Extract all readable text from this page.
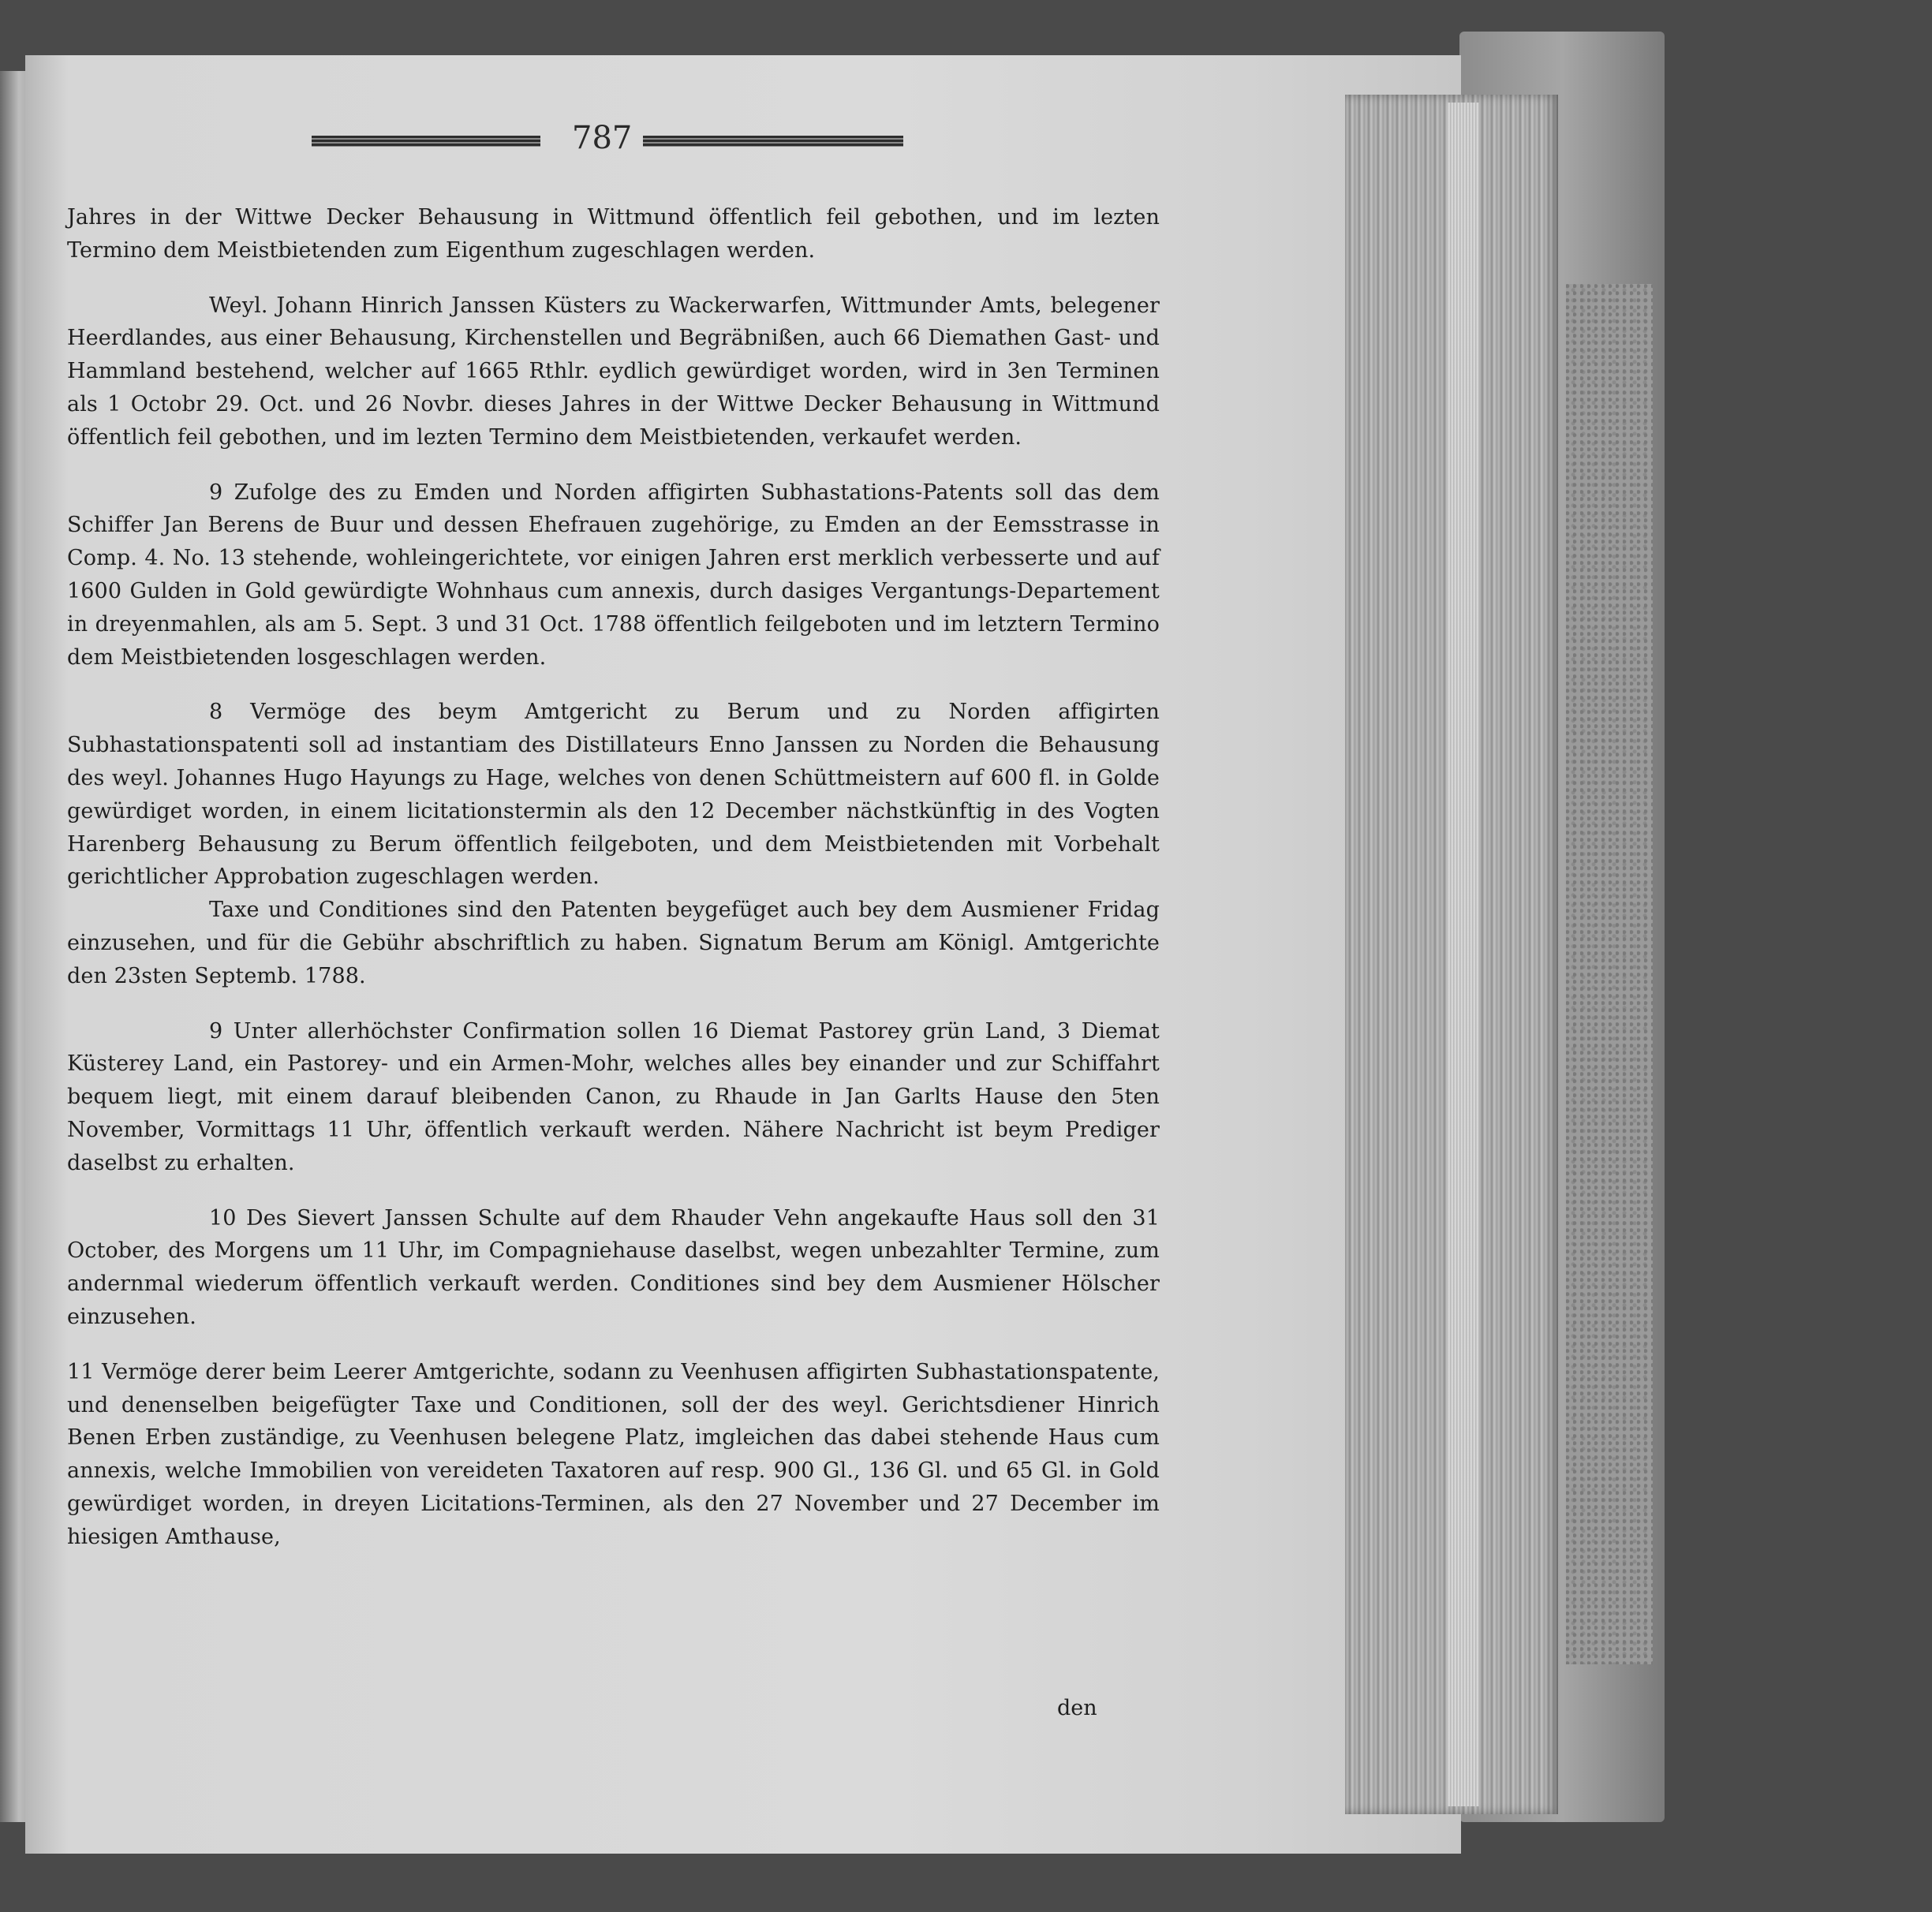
787

Jahres in der Wittwe Decker Behausung in Wittmund öffentlich feil gebothen, und im lezten Termino dem Meistbietenden zum Eigenthum zugeschlagen werden.

Weyl. Johann Hinrich Janssen Küsters zu Wackerwarfen, Wittmunder Amts, belegener Heerdlandes, aus einer Behausung, Kirchenstellen und Begräbnißen, auch 66 Diemathen Gast- und Hammland bestehend, welcher auf 1665 Rthlr. eydlich gewürdiget worden, wird in 3en Terminen als 1 Octobr 29. Oct. und 26 Novbr. dieses Jahres in der Wittwe Decker Behausung in Wittmund öffentlich feil gebothen, und im lezten Termino dem Meistbietenden, verkaufet werden.

9 Zufolge des zu Emden und Norden affigirten Subhastations-Patents soll das dem Schiffer Jan Berens de Buur und dessen Ehefrauen zugehörige, zu Emden an der Eemsstrasse in Comp. 4. No. 13 stehende, wohleingerichtete, vor einigen Jahren erst merklich verbesserte und auf 1600 Gulden in Gold gewürdigte Wohnhaus cum annexis, durch dasiges Vergantungs-Departement in dreyenmahlen, als am 5. Sept. 3 und 31 Oct. 1788 öffentlich feilgeboten und im letztern Termino dem Meistbietenden losgeschlagen werden.

8 Vermöge des beym Amtgericht zu Berum und zu Norden affigirten Subhastationspatenti soll ad instantiam des Distillateurs Enno Janssen zu Norden die Behausung des weyl. Johannes Hugo Hayungs zu Hage, welches von denen Schüttmeistern auf 600 fl. in Golde gewürdiget worden, in einem licitationstermin als den 12 December nächstkünftig in des Vogten Harenberg Behausung zu Berum öffentlich feilgeboten, und dem Meistbietenden mit Vorbehalt gerichtlicher Approbation zugeschlagen werden.

Taxe und Conditiones sind den Patenten beygefüget auch bey dem Ausmiener Fridag einzusehen, und für die Gebühr abschriftlich zu haben. Signatum Berum am Königl. Amtgerichte den 23sten Septemb. 1788.

9 Unter allerhöchster Confirmation sollen 16 Diemat Pastorey grün Land, 3 Diemat Küsterey Land, ein Pastorey- und ein Armen-Mohr, welches alles bey einander und zur Schiffahrt bequem liegt, mit einem darauf bleibenden Canon, zu Rhaude in Jan Garlts Hause den 5ten November, Vormittags 11 Uhr, öffentlich verkauft werden. Nähere Nachricht ist beym Prediger daselbst zu erhalten.

10 Des Sievert Janssen Schulte auf dem Rhauder Vehn angekaufte Haus soll den 31 October, des Morgens um 11 Uhr, im Compagniehause daselbst, wegen unbezahlter Termine, zum andernmal wiederum öffentlich verkauft werden. Conditiones sind bey dem Ausmiener Hölscher einzusehen.

11 Vermöge derer beim Leerer Amtgerichte, sodann zu Veenhusen affigirten Subhastationspatente, und denenselben beigefügter Taxe und Conditionen, soll der des weyl. Gerichtsdiener Hinrich Benen Erben zuständige, zu Veenhusen belegene Platz, imgleichen das dabei stehende Haus cum annexis, welche Immobilien von vereideten Taxatoren auf resp. 900 Gl., 136 Gl. und 65 Gl. in Gold gewürdiget worden, in dreyen Licitations-Terminen, als den 27 November und 27 December im hiesigen Amthause,

den
